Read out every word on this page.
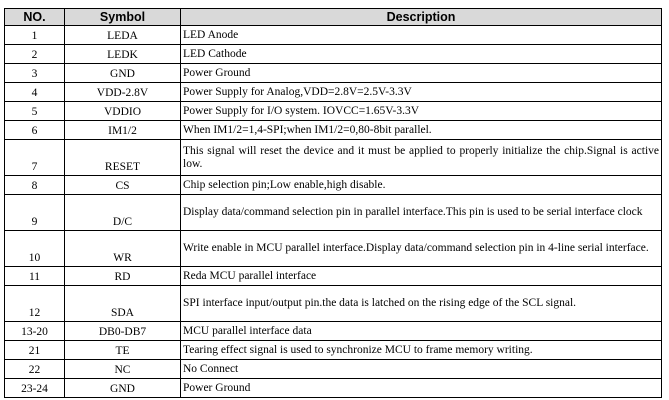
NO.	Symbol	Description
1	LEDA	LED Anode
2	LEDK	LED Cathode
3	GND	Power Ground
4	VDD-2.8V	Power Supply for Analog,VDD=2.8V=2.5V-3.3V
5	VDDIO	Power Supply for I/O system. IOVCC=1.65V-3.3V
6	IM1/2	When IM1/2=1,4-SPI;when IM1/2=0,80-8bit parallel.
7	RESET	This signal will reset the device and it must be applied to properly initialize the chip.Signal is active low.
8	CS	Chip selection pin;Low enable,high disable.
9	D/C	Display data/command selection pin in parallel interface.This pin is used to be serial interface clock
10	WR	Write enable in MCU parallel interface.Display data/command selection pin in 4-line serial interface.
11	RD	Reda MCU parallel interface
12	SDA	SPI interface input/output pin.the data is latched on the rising edge of the SCL signal.
13-20	DB0-DB7	MCU parallel interface data
21	TE	Tearing effect signal is used to synchronize MCU to frame memory writing.
22	NC	No Connect
23-24	GND	Power Ground
